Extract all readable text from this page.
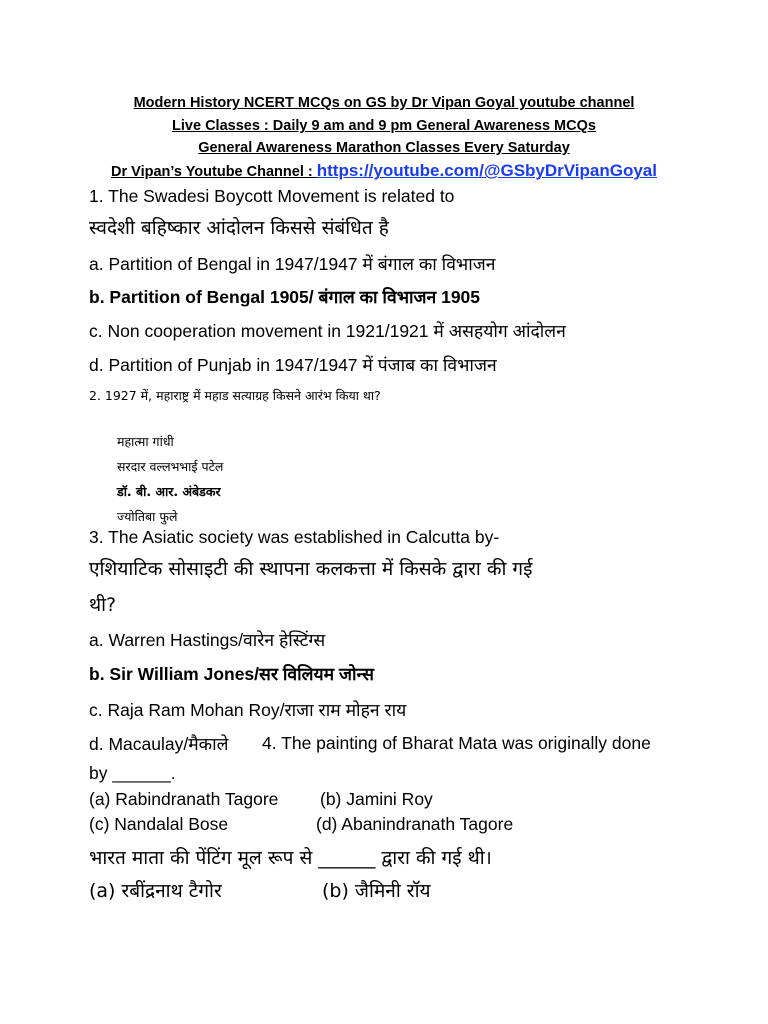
Modern History NCERT MCQs on GS by Dr Vipan Goyal youtube channel
Live Classes : Daily 9 am and 9 pm General Awareness MCQs
General Awareness Marathon Classes Every Saturday
Dr Vipan’s Youtube Channel : https://youtube.com/@GSbyDrVipanGoyal
1. The Swadesi Boycott Movement is related to
स्वदेशी बहिष्कार आंदोलन किससे संबंधित है
a. Partition of Bengal in 1947/1947 में बंगाल का विभाजन
b. Partition of Bengal 1905/ बंगाल का विभाजन 1905
c. Non cooperation movement in 1921/1921 में असहयोग आंदोलन
d. Partition of Punjab in 1947/1947 में पंजाब का विभाजन
2. 1927 में, महाराष्ट्र में महाड सत्याग्रह किसने आरंभ किया था?
महात्मा गांधी
सरदार वल्लभभाई पटेल
डॉ. बी. आर. अंबेडकर
ज्योतिबा फुले
3. The Asiatic society was established in Calcutta by-
एशियाटिक सोसाइटी की स्थापना कलकत्ता में किसके द्वारा की गई
थी?
a. Warren Hastings/वारेन हेस्टिंग्स
b. Sir William Jones/सर विलियम जोन्स
c. Raja Ram Mohan Roy/राजा राम मोहन राय
d. Macaulay/मैकाले 4. The painting of Bharat Mata was originally done
by ______.
(a) Rabindranath Tagore (b) Jamini Roy
(c) Nandalal Bose	(d) Abanindranath Tagore
भारत माता की पेंटिंग मूल रूप से ______ द्वारा की गई थी।
(a) रबींद्रनाथ टैगोर	(b) जैमिनी रॉय
